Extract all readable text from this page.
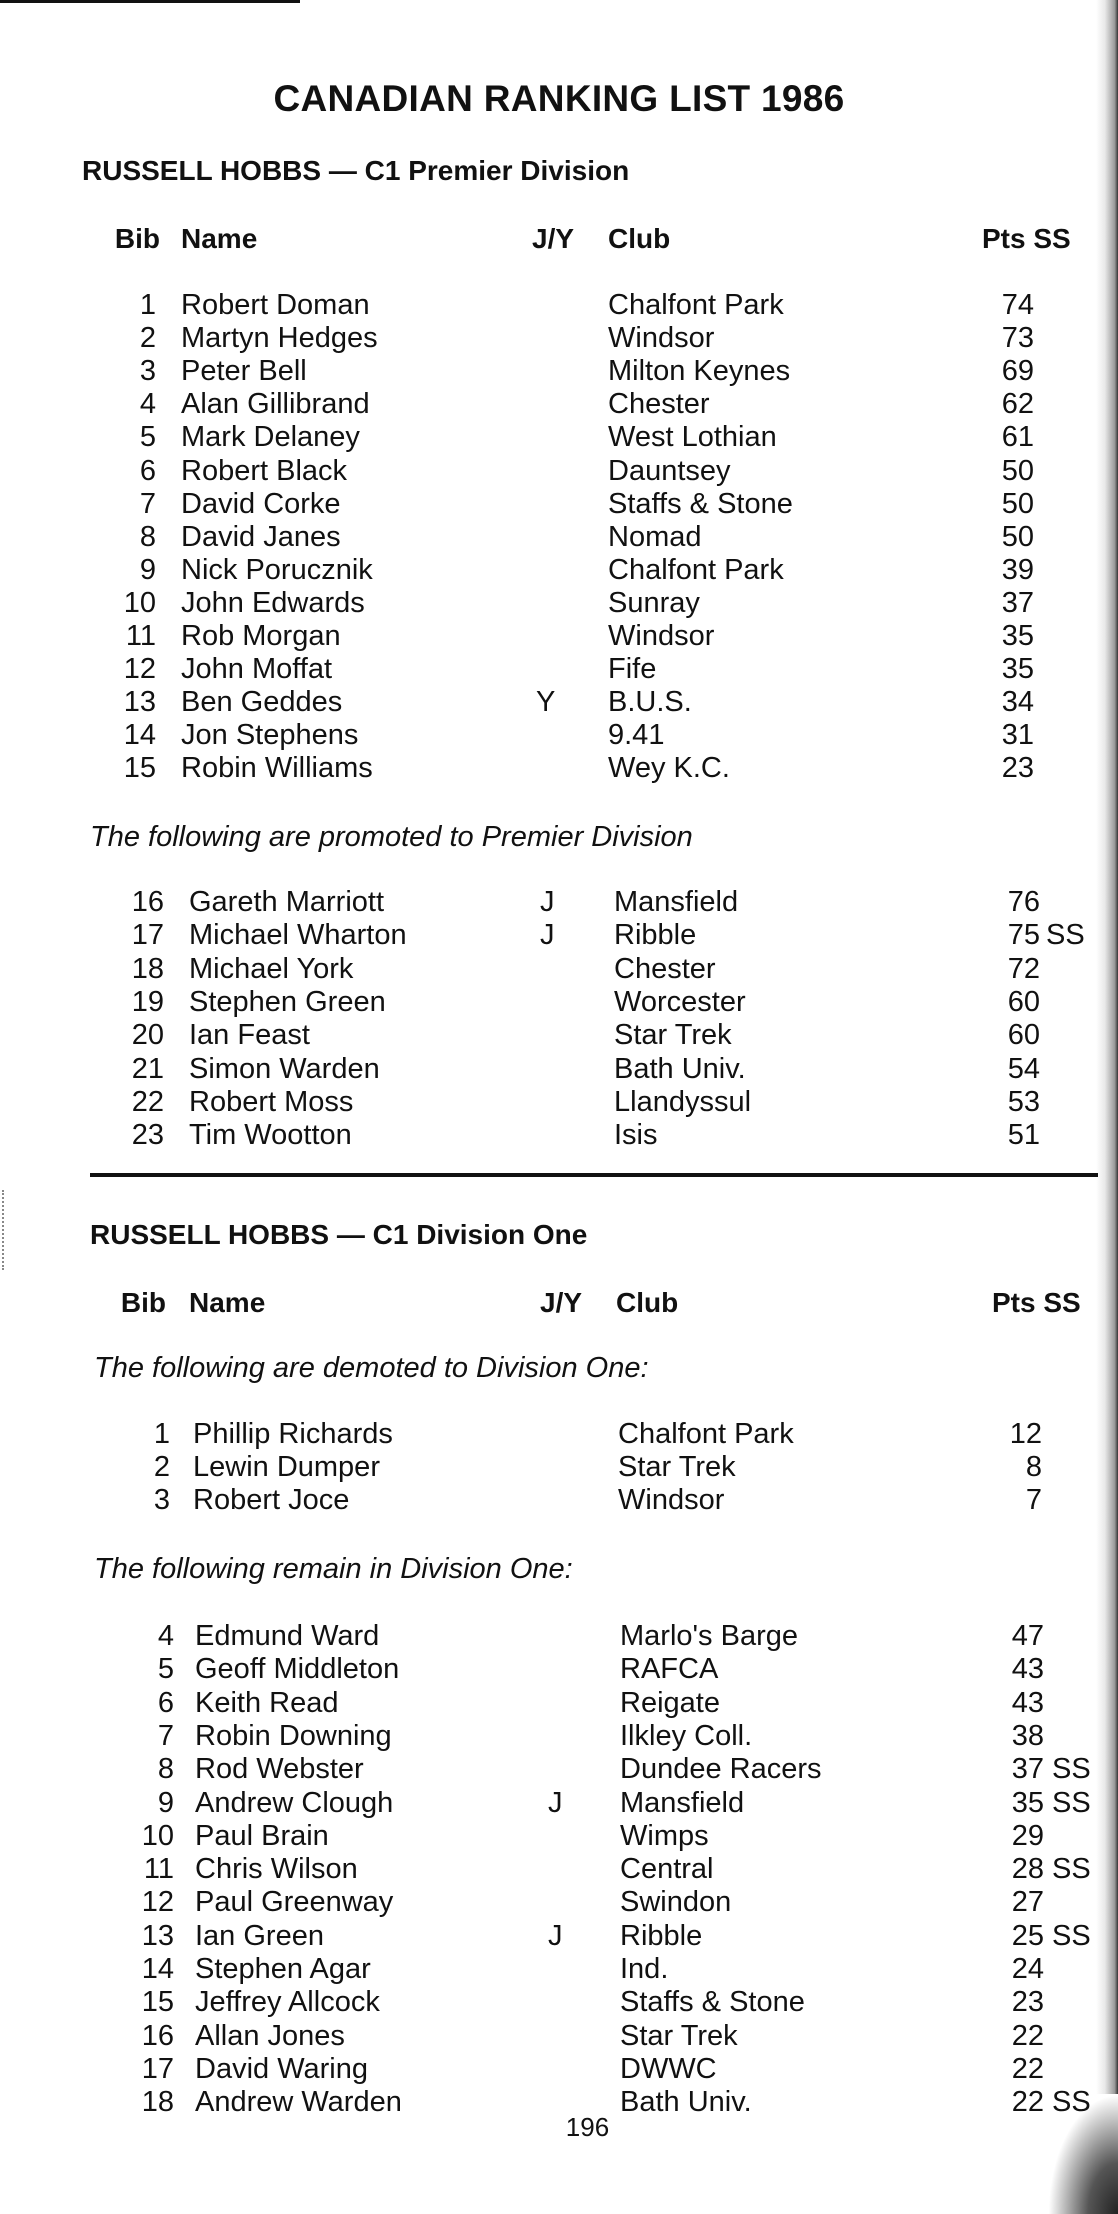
CANADIAN RANKING LIST 1986
RUSSELL HOBBS — C1 Premier Division
Bib Name	J/Y Club	Pts SS
1 Robert Doman	Chalfont Park	74
2 Martyn Hedges	Windsor	73
3 Peter Bell	Milton Keynes	69
4 Alan Gillibrand	Chester	62
5 Mark Delaney	West Lothian	61
6 Robert Black	Dauntsey	50
7 David Corke	Staffs & Stone	50
8 David Janes	Nomad	50
9 Nick Porucznik	Chalfont Park	39
10 John Edwards	Sunray	37
11 Rob Morgan	Windsor	35
12 John Moffat	Fife	35
13 Ben Geddes	Y B.U.S.	34
14 Jon Stephens	9.41	31
15 Robin Williams	Wey K.C.	23
The following are promoted to Premier Division
16 Gareth Marriott	J Mansfield	76
17 Michael Wharton	J Ribble	75 SS
18 Michael York	Chester	72
19 Stephen Green	Worcester	60
20 Ian Feast	Star Trek	60
21 Simon Warden	Bath Univ.	54
22 Robert Moss	Llandyssul	53
23 Tim Wootton	Isis	51
RUSSELL HOBBS — C1 Division One
Bib Name	J/Y Club	Pts SS
The following are demoted to Division One:
1 Phillip Richards	Chalfont Park	12
2 Lewin Dumper	Star Trek	8
3 Robert Joce	Windsor	7
The following remain in Division One:
4 Edmund Ward	Marlo's Barge	47
5 Geoff Middleton	RAFCA	43
6 Keith Read	Reigate	43
7 Robin Downing	Ilkley Coll.	38
8 Rod Webster	Dundee Racers	37 SS
9 Andrew Clough	J Mansfield	35 SS
10 Paul Brain	Wimps	29
11 Chris Wilson	Central	28 SS
12 Paul Greenway	Swindon	27
13 Ian Green	J Ribble	25 SS
14 Stephen Agar	Ind.	24
15 Jeffrey Allcock	Staffs & Stone	23
16 Allan Jones	Star Trek	22
17 David Waring	DWWC	22
18 Andrew Warden	Bath Univ.	22 SS
196
